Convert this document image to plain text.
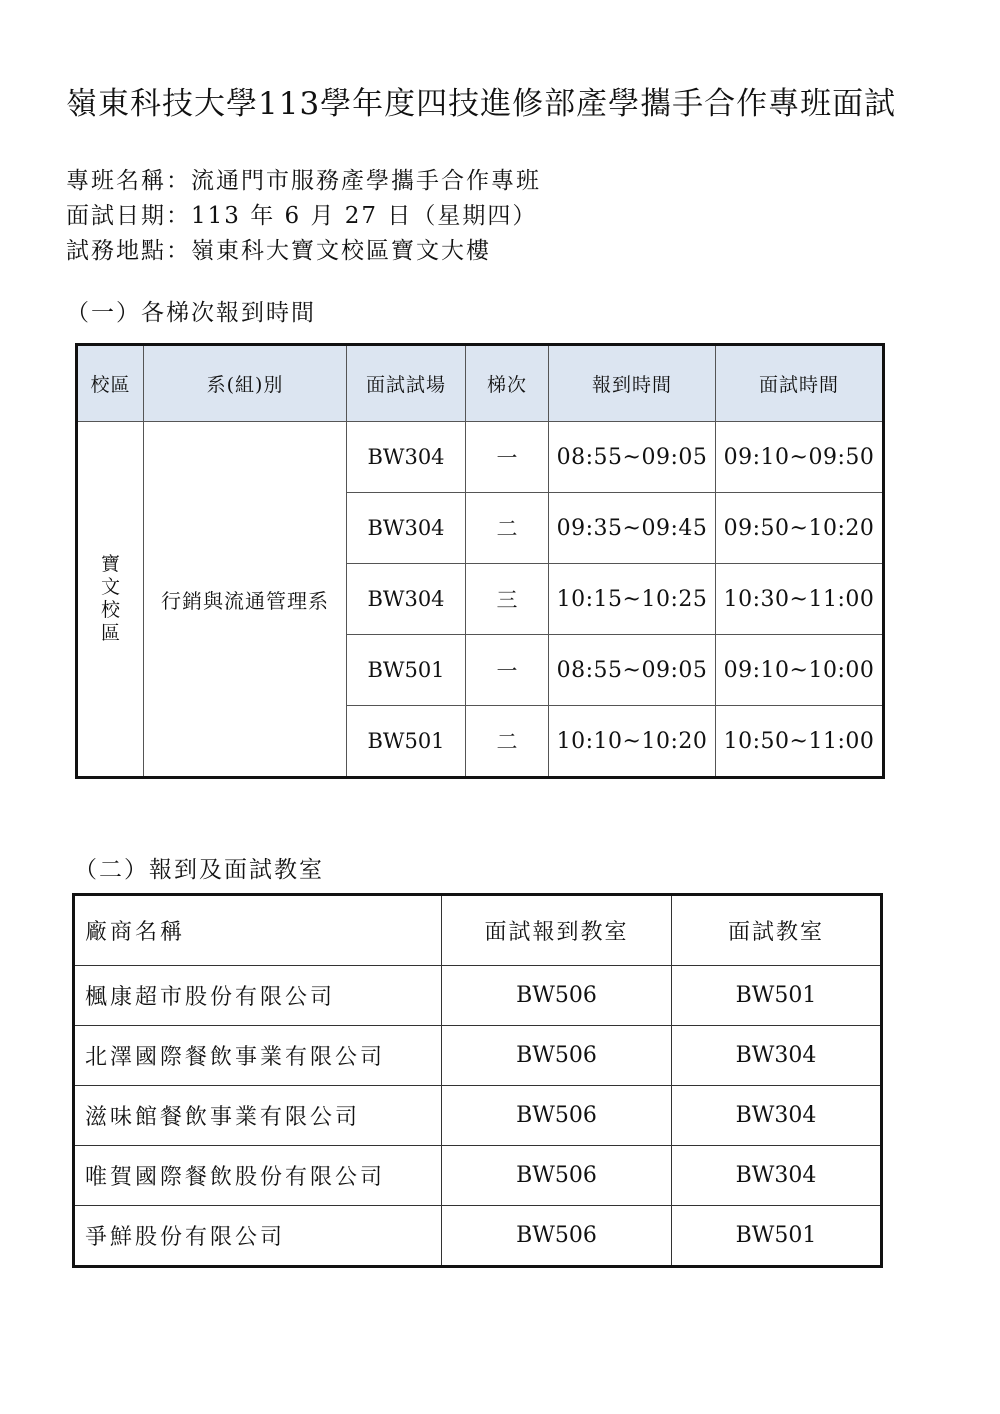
嶺東科技大學113學年度四技進修部產學攜手合作專班面試
專班名稱：流通門市服務產學攜手合作專班
面試日期：113 年 6 月 27 日（星期四）
試務地點：嶺東科大寶文校區寶文大樓
（一）各梯次報到時間
校區	系(組)別	面試試場	梯次	報到時間	面試時間

寶
文
校
區	行銷與流通管理系	BW304	一	08:55~09:05	09:10~09:50
		BW304	二	09:35~09:45	09:50~10:20
		BW304	三	10:15~10:25	10:30~11:00
		BW501	一	08:55~09:05	09:10~10:00
		BW501	二	10:10~10:20	10:50~11:00
（二）報到及面試教室
廠商名稱	面試報到教室	面試教室
楓康超市股份有限公司	BW506	BW501
北澤國際餐飲事業有限公司	BW506	BW304
滋味館餐飲事業有限公司	BW506	BW304
唯賀國際餐飲股份有限公司	BW506	BW304
爭鮮股份有限公司	BW506	BW501
